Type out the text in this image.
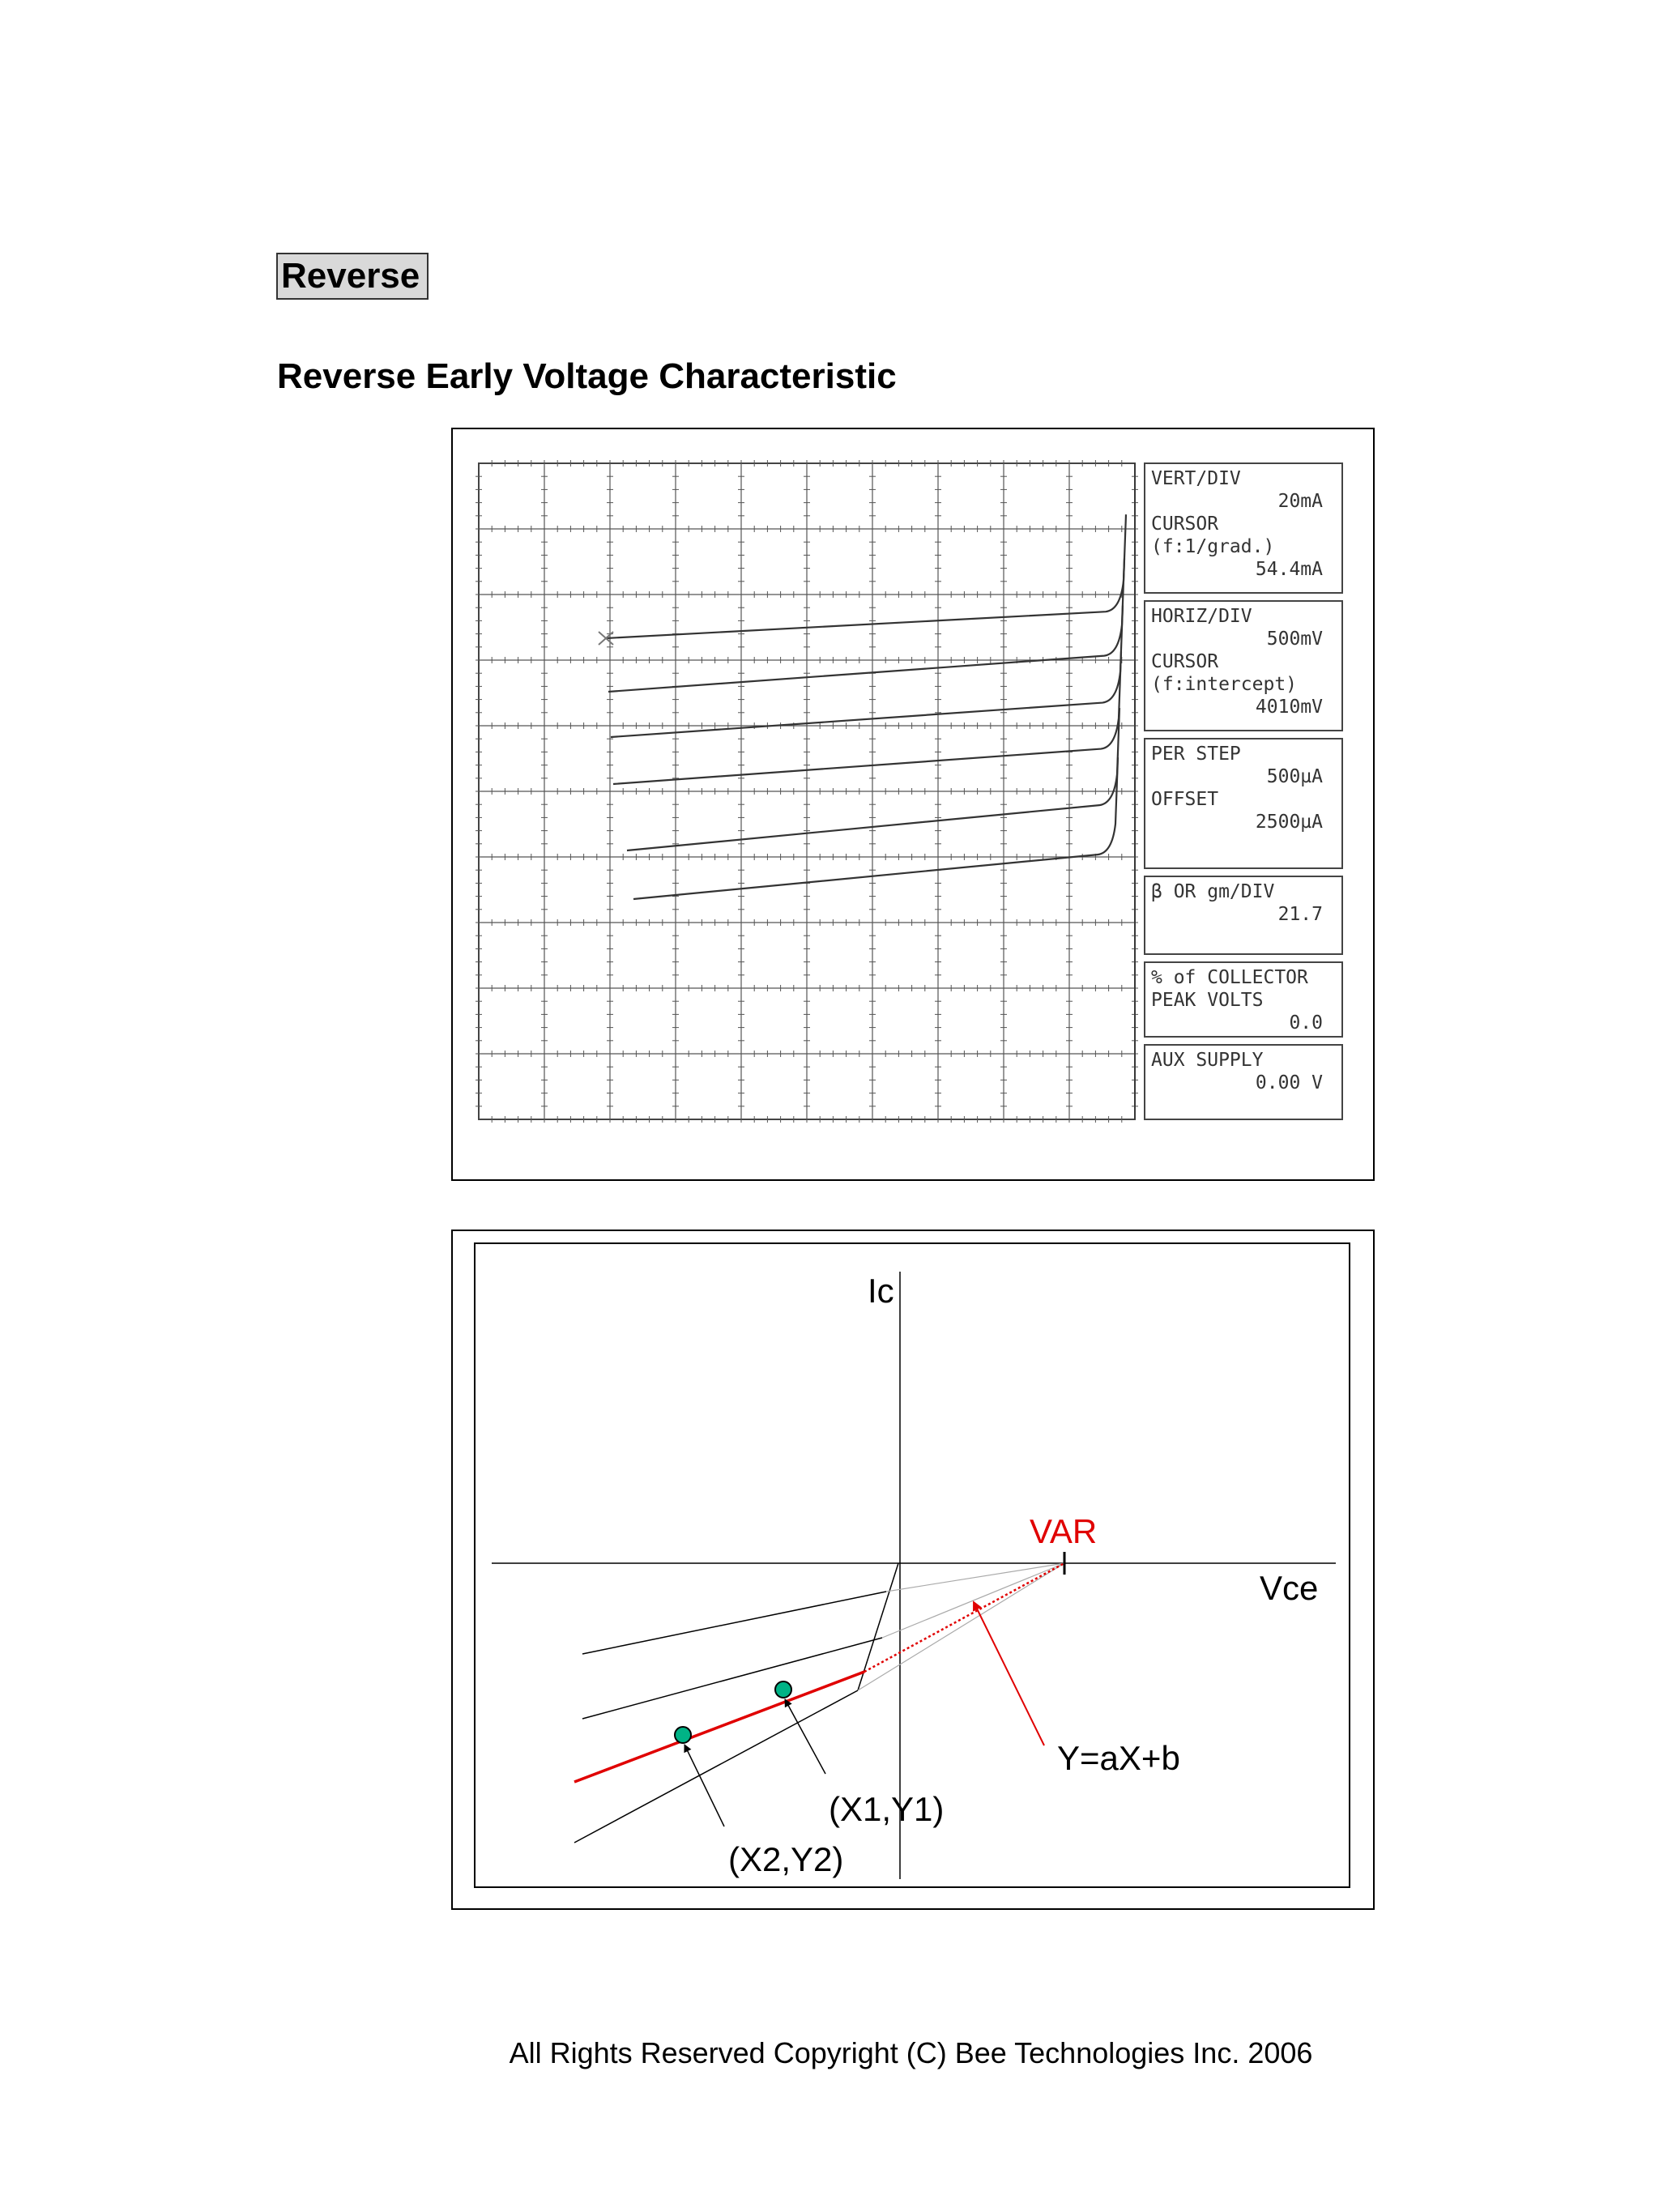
Reverse
Reverse Early Voltage Characteristic
VERT/DIV
20mA
CURSOR
(f:1/grad.)
54.4mA
HORIZ/DIV
500mV
CURSOR
(f:intercept)
4010mV
PER STEP
500µA
OFFSET
2500µA
β OR gm/DIV
21.7
% of COLLECTOR
PEAK VOLTS
0.0
AUX SUPPLY
0.00 V
Ic
Vce
VAR
Y=aX+b
(X1,Y1)
(X2,Y2)
All Rights Reserved Copyright (C) Bee Technologies Inc. 2006
